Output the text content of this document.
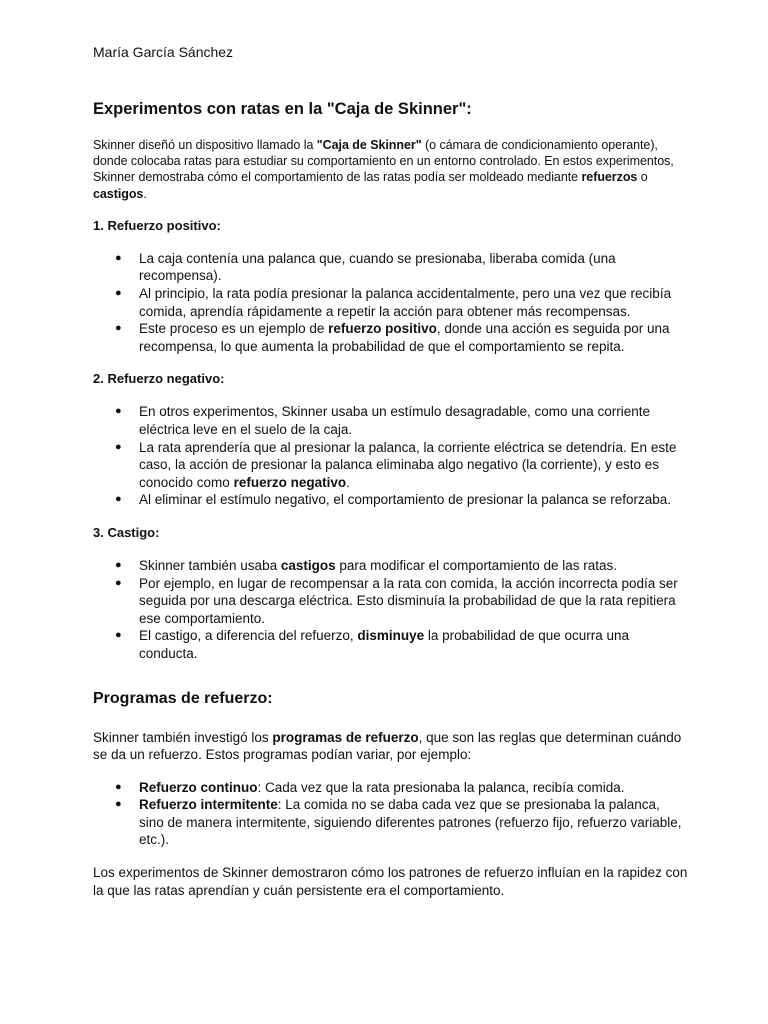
María García Sánchez

Experimentos con ratas en la "Caja de Skinner":

Skinner diseñó un dispositivo llamado la "Caja de Skinner" (o cámara de condicionamiento operante), donde colocaba ratas para estudiar su comportamiento en un entorno controlado. En estos experimentos, Skinner demostraba cómo el comportamiento de las ratas podía ser moldeado mediante refuerzos o castigos.

1. Refuerzo positivo:

● La caja contenía una palanca que, cuando se presionaba, liberaba comida (una recompensa).
● Al principio, la rata podía presionar la palanca accidentalmente, pero una vez que recibía comida, aprendía rápidamente a repetir la acción para obtener más recompensas.
● Este proceso es un ejemplo de refuerzo positivo, donde una acción es seguida por una recompensa, lo que aumenta la probabilidad de que el comportamiento se repita.

2. Refuerzo negativo:

● En otros experimentos, Skinner usaba un estímulo desagradable, como una corriente eléctrica leve en el suelo de la caja.
● La rata aprendería que al presionar la palanca, la corriente eléctrica se detendría. En este caso, la acción de presionar la palanca eliminaba algo negativo (la corriente), y esto es conocido como refuerzo negativo.
● Al eliminar el estímulo negativo, el comportamiento de presionar la palanca se reforzaba.

3. Castigo:

● Skinner también usaba castigos para modificar el comportamiento de las ratas.
● Por ejemplo, en lugar de recompensar a la rata con comida, la acción incorrecta podía ser seguida por una descarga eléctrica. Esto disminuía la probabilidad de que la rata repitiera ese comportamiento.
● El castigo, a diferencia del refuerzo, disminuye la probabilidad de que ocurra una conducta.
Programas de refuerzo:

Skinner también investigó los programas de refuerzo, que son las reglas que determinan cuándo se da un refuerzo. Estos programas podían variar, por ejemplo:

● Refuerzo continuo: Cada vez que la rata presionaba la palanca, recibía comida.
● Refuerzo intermitente: La comida no se daba cada vez que se presionaba la palanca, sino de manera intermitente, siguiendo diferentes patrones (refuerzo fijo, refuerzo variable, etc.).

Los experimentos de Skinner demostraron cómo los patrones de refuerzo influían en la rapidez con la que las ratas aprendían y cuán persistente era el comportamiento.
